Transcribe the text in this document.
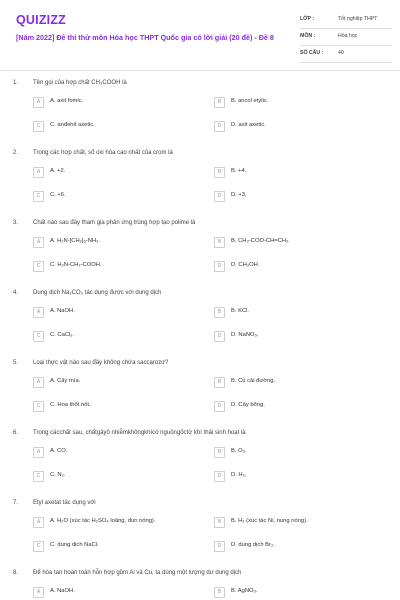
QUIZIZZ
[Năm 2022] Đề thi thử môn Hóa học THPT Quốc gia có lời giải (20 đề) - Đề 8
LỚP :	Tốt nghiệp THPT
MÔN :	Hóa học
SỐ CÂU :	40
1. Tên gọi của hợp chất CH₃COOH là
A	A. axit fomic.	B	B. ancol etylic.
C	C. anđehit axetic.	D	D. axit axetic.
2. Trong các hợp chất, số oxi hóa cao nhất của crom là
A	A. +2.	B	B. +4.
C	C. +6.	D	D. +3.
3. Chất nào sau đây tham gia phản ứng trùng hợp tạo polime là
A	A. H₂N-[CH₂]₆-NH₂.	B	B. CH₃-COO-CH=CH₂.
C	C. H₂N-CH₂-COOH.	D	D. CH₃OH.
4. Dung dịch Na₂CO₃ tác dụng được với dung dịch
A	A. NaOH.	B	B. KCl.
C	C. CaCl₂.	D	D. NaNO₃.
5. Loại thực vật nào sau đây không chứa saccarozơ?
A	A. Cây mía.	B	B. Củ cải đường.
C	C. Hoa thốt nốt.	D	D. Cây bông.
6. Trong cácchất sau, chấtgâyô nhiễmkhôngkhícó nguồngốctừ khí thải sinh hoạt là
A	A. CO.	B	B. O₃.
C	C. N₂.	D	D. H₂.
7. Etyl axetat tác dụng với
A	A. H₂O (xúc tác H₂SO₄ loãng, đun nóng).	B	B. H₂ (xúc tác Ni, nung nóng).
C	C. dung dịch NaCl.	D	D. dung dịch Br₂.
8. Để hòa tan hoàn toàn hỗn hợp gồm Al và Cu, ta dùng một lượng dư dung dịch
A	A. NaOH.	B	B. AgNO₃.
